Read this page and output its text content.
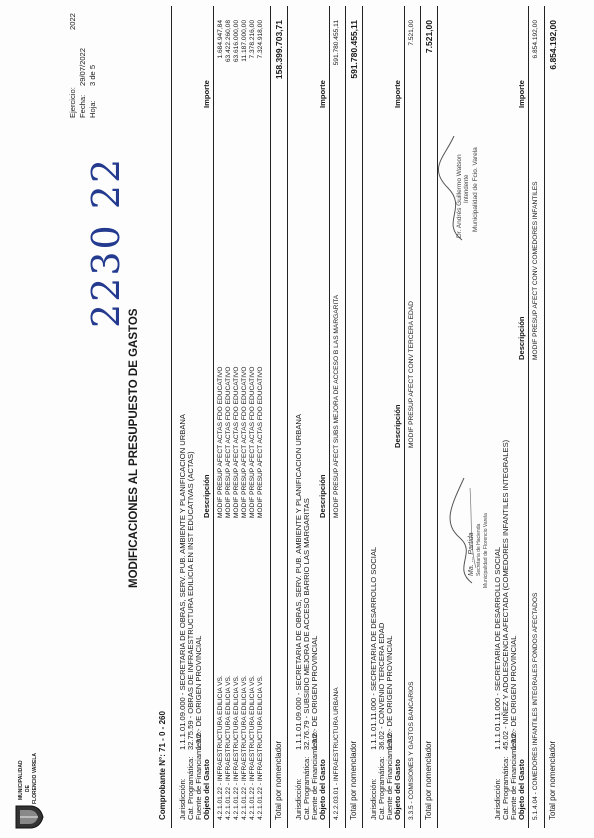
MUNICIPALIDAD DE FLORENCIO VARELA
MODIFICACIONES AL PRESUPUESTO DE GASTOS
2230 22
Ejercicio:
2022
Fecha:
29/07/2022
Hoja:
3 de 5
Comprobante N°:
71 - 0 - 260
Jurisdicción:
1.1.1.01.09.000 - SECRETARIA DE OBRAS, SERV. PUB. AMBIENTE Y PLANIFICACION URBANA
Cat. Programática:
32.75.59 - OBRAS DE INFRAESTRUCTURA EDILICIA EN INST EDUCATIVAS (ACTAS)
Fuente de Financiamiento:
1.3.2 - DE ORIGEN PROVINCIAL
Objeto del Gasto
Descripción
Importe
4.2.1.01.22 - INFRAESTRUCTURA EDILICIA VS.
MODIF PRESUP AFECT ACTAS FDO EDUCATIVO
1.684.947,84
4.2.1.01.22 - INFRAESTRUCTURA EDILICIA VS.
MODIF PRESUP AFECT ACTAS FDO EDUCATIVO
63.422.260,08
4.2.1.01.22 - INFRAESTRUCTURA EDILICIA VS.
MODIF PRESUP AFECT ACTAS FDO EDUCATIVO
63.616.000,00
4.2.1.01.22 - INFRAESTRUCTURA EDILICIA VS.
MODIF PRESUP AFECT ACTAS FDO EDUCATIVO
11.187.000,00
4.2.1.01.22 - INFRAESTRUCTURA EDILICIA VS.
MODIF PRESUP AFECT ACTAS FDO EDUCATIVO
7.378.216,00
4.2.1.01.22 - INFRAESTRUCTURA EDILICIA VS.
MODIF PRESUP AFECT ACTAS FDO EDUCATIVO
7.324.918,00
Total por nomenclador
158.399.703,71
Jurisdicción:
1.1.1.01.09.000 - SECRETARIA DE OBRAS, SERV. PUB. AMBIENTE Y PLANIFICACION URBANA
Cat. Programática:
32.76.79 - SUBSIDIO MEJORA DE ACCESO BARRIO LAS MARGARITAS
Fuente de Financiamiento:
1.3.2 - DE ORIGEN PROVINCIAL
Objeto del Gasto
Descripción
Importe
4.2.2.03.01 - INFRAESTRUCTURA URBANA
MODIF PRESUP AFECT SUBS MEJORA DE ACCESO B LAS MARGARITA
591.780.455,11
Total por nomenclador
591.780.455,11
Jurisdicción:
1.1.1.01.11.000 - SECRETARIA DE DESARROLLO SOCIAL
Cat. Programática:
36.02 - CONVENIO TERCERA EDAD
Fuente de Financiamiento:
1.3.2 - DE ORIGEN PROVINCIAL
Objeto del Gasto
Descripción
Importe
3.3.5 - COMISIONES Y GASTOS BANCARIOS
MODIF PRESUP AFECT CONV TERCERA EDAD
7.521,00
Total por nomenclador
7.521,00
Jurisdicción:
1.1.1.01.11.000 - SECRETARIA DE DESARROLLO SOCIAL
Cat. Programática:
45.02 - NIÑEZ Y ADOLESCENCIA AFECTADA (COMEDORES INFANTILES INTEGRALES)
Fuente de Financiamiento:
1.3.2 - DE ORIGEN PROVINCIAL
Objeto del Gasto
Descripción
Importe
5.1.4.04 - COMEDORES INFANTILES INTEGRALES FONDOS AFECTADOS
MODIF PRESUP AFECT CONV COMEDORES INFANTILES
6.854.192,00
Total por nomenclador
6.854.192,00
Ma. ... Partida Secretaria de Hacienda Municipalidad de Florencio Varela
Dr. Andrés Guillermo Watson Intendente Municipalidad de Fcio. Varela
